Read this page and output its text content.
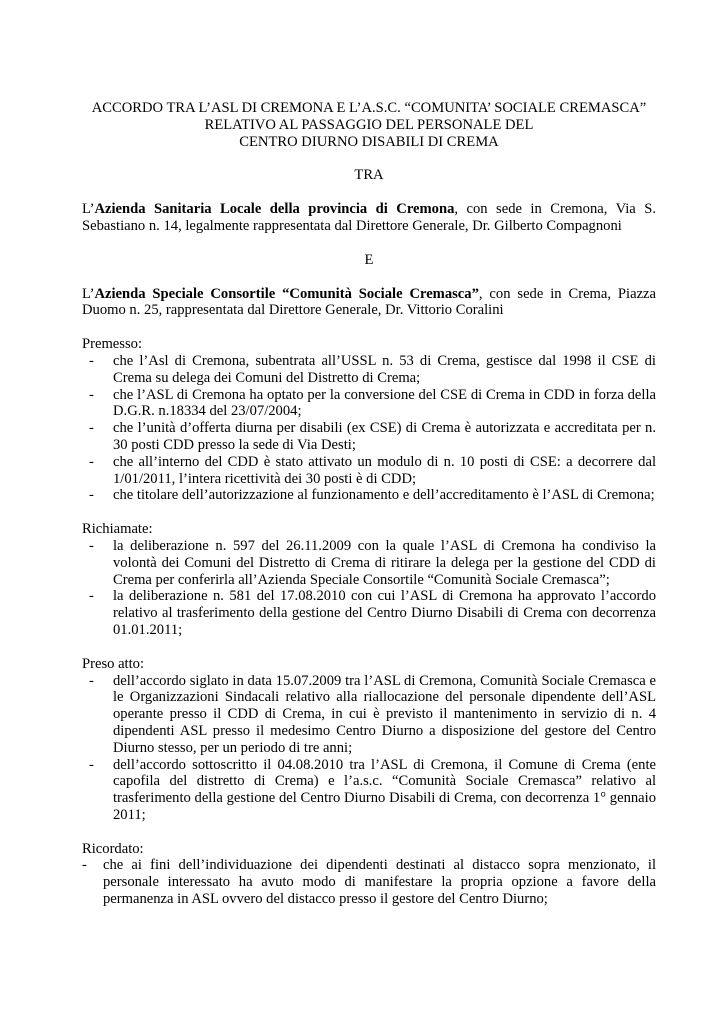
ACCORDO TRA L’ASL DI CREMONA E L’A.S.C. “COMUNITA’ SOCIALE CREMASCA”

RELATIVO AL PASSAGGIO DEL PERSONALE DEL

CENTRO DIURNO DISABILI DI CREMA

TRA

L’Azienda Sanitaria Locale della provincia di Cremona, con sede in Cremona, Via S. Sebastiano n. 14, legalmente rappresentata dal Direttore Generale, Dr. Gilberto Compagnoni

E

L’Azienda Speciale Consortile “Comunità Sociale Cremasca”, con sede in Crema, Piazza Duomo n. 25, rappresentata dal Direttore Generale, Dr. Vittorio Coralini

Premesso:

- che l’Asl di Cremona, subentrata all’USSL n. 53 di Crema, gestisce dal 1998 il CSE di Crema su delega dei Comuni del Distretto di Crema;
- che l’ASL di Cremona ha optato per la conversione del CSE di Crema in CDD in forza della D.G.R. n.18334 del 23/07/2004;
- che l’unità d’offerta diurna per disabili (ex CSE) di Crema è autorizzata e accreditata per n. 30 posti CDD presso la sede di Via Desti;
- che all’interno del CDD è stato attivato un modulo di n. 10 posti di CSE: a decorrere dal 1/01/2011, l’intera ricettività dei 30 posti è di CDD;
- che titolare dell’autorizzazione al funzionamento e dell’accreditamento è l’ASL di Cremona;

Richiamate:

- la deliberazione n. 597 del 26.11.2009 con la quale l’ASL di Cremona ha condiviso la volontà dei Comuni del Distretto di Crema di ritirare la delega per la gestione del CDD di Crema per conferirla all’Azienda Speciale Consortile “Comunità Sociale Cremasca”;
- la deliberazione n. 581 del 17.08.2010 con cui l’ASL di Cremona ha approvato l’accordo relativo al trasferimento della gestione del Centro Diurno Disabili di Crema con decorrenza 01.01.2011;

Preso atto:

- dell’accordo siglato in data 15.07.2009 tra l’ASL di Cremona, Comunità Sociale Cremasca e le Organizzazioni Sindacali relativo alla riallocazione del personale dipendente dell’ASL operante presso il CDD di Crema, in cui è previsto il mantenimento in servizio di n. 4 dipendenti ASL presso il medesimo Centro Diurno a disposizione del gestore del Centro Diurno stesso, per un periodo di tre anni;
- dell’accordo sottoscritto il 04.08.2010 tra l’ASL di Cremona, il Comune di Crema (ente capofila del distretto di Crema) e l’a.s.c. “Comunità Sociale Cremasca” relativo al trasferimento della gestione del Centro Diurno Disabili di Crema, con decorrenza 1° gennaio 2011;

Ricordato:

- che ai fini dell’individuazione dei dipendenti destinati al distacco sopra menzionato, il personale interessato ha avuto modo di manifestare la propria opzione a favore della permanenza in ASL ovvero del distacco presso il gestore del Centro Diurno;
